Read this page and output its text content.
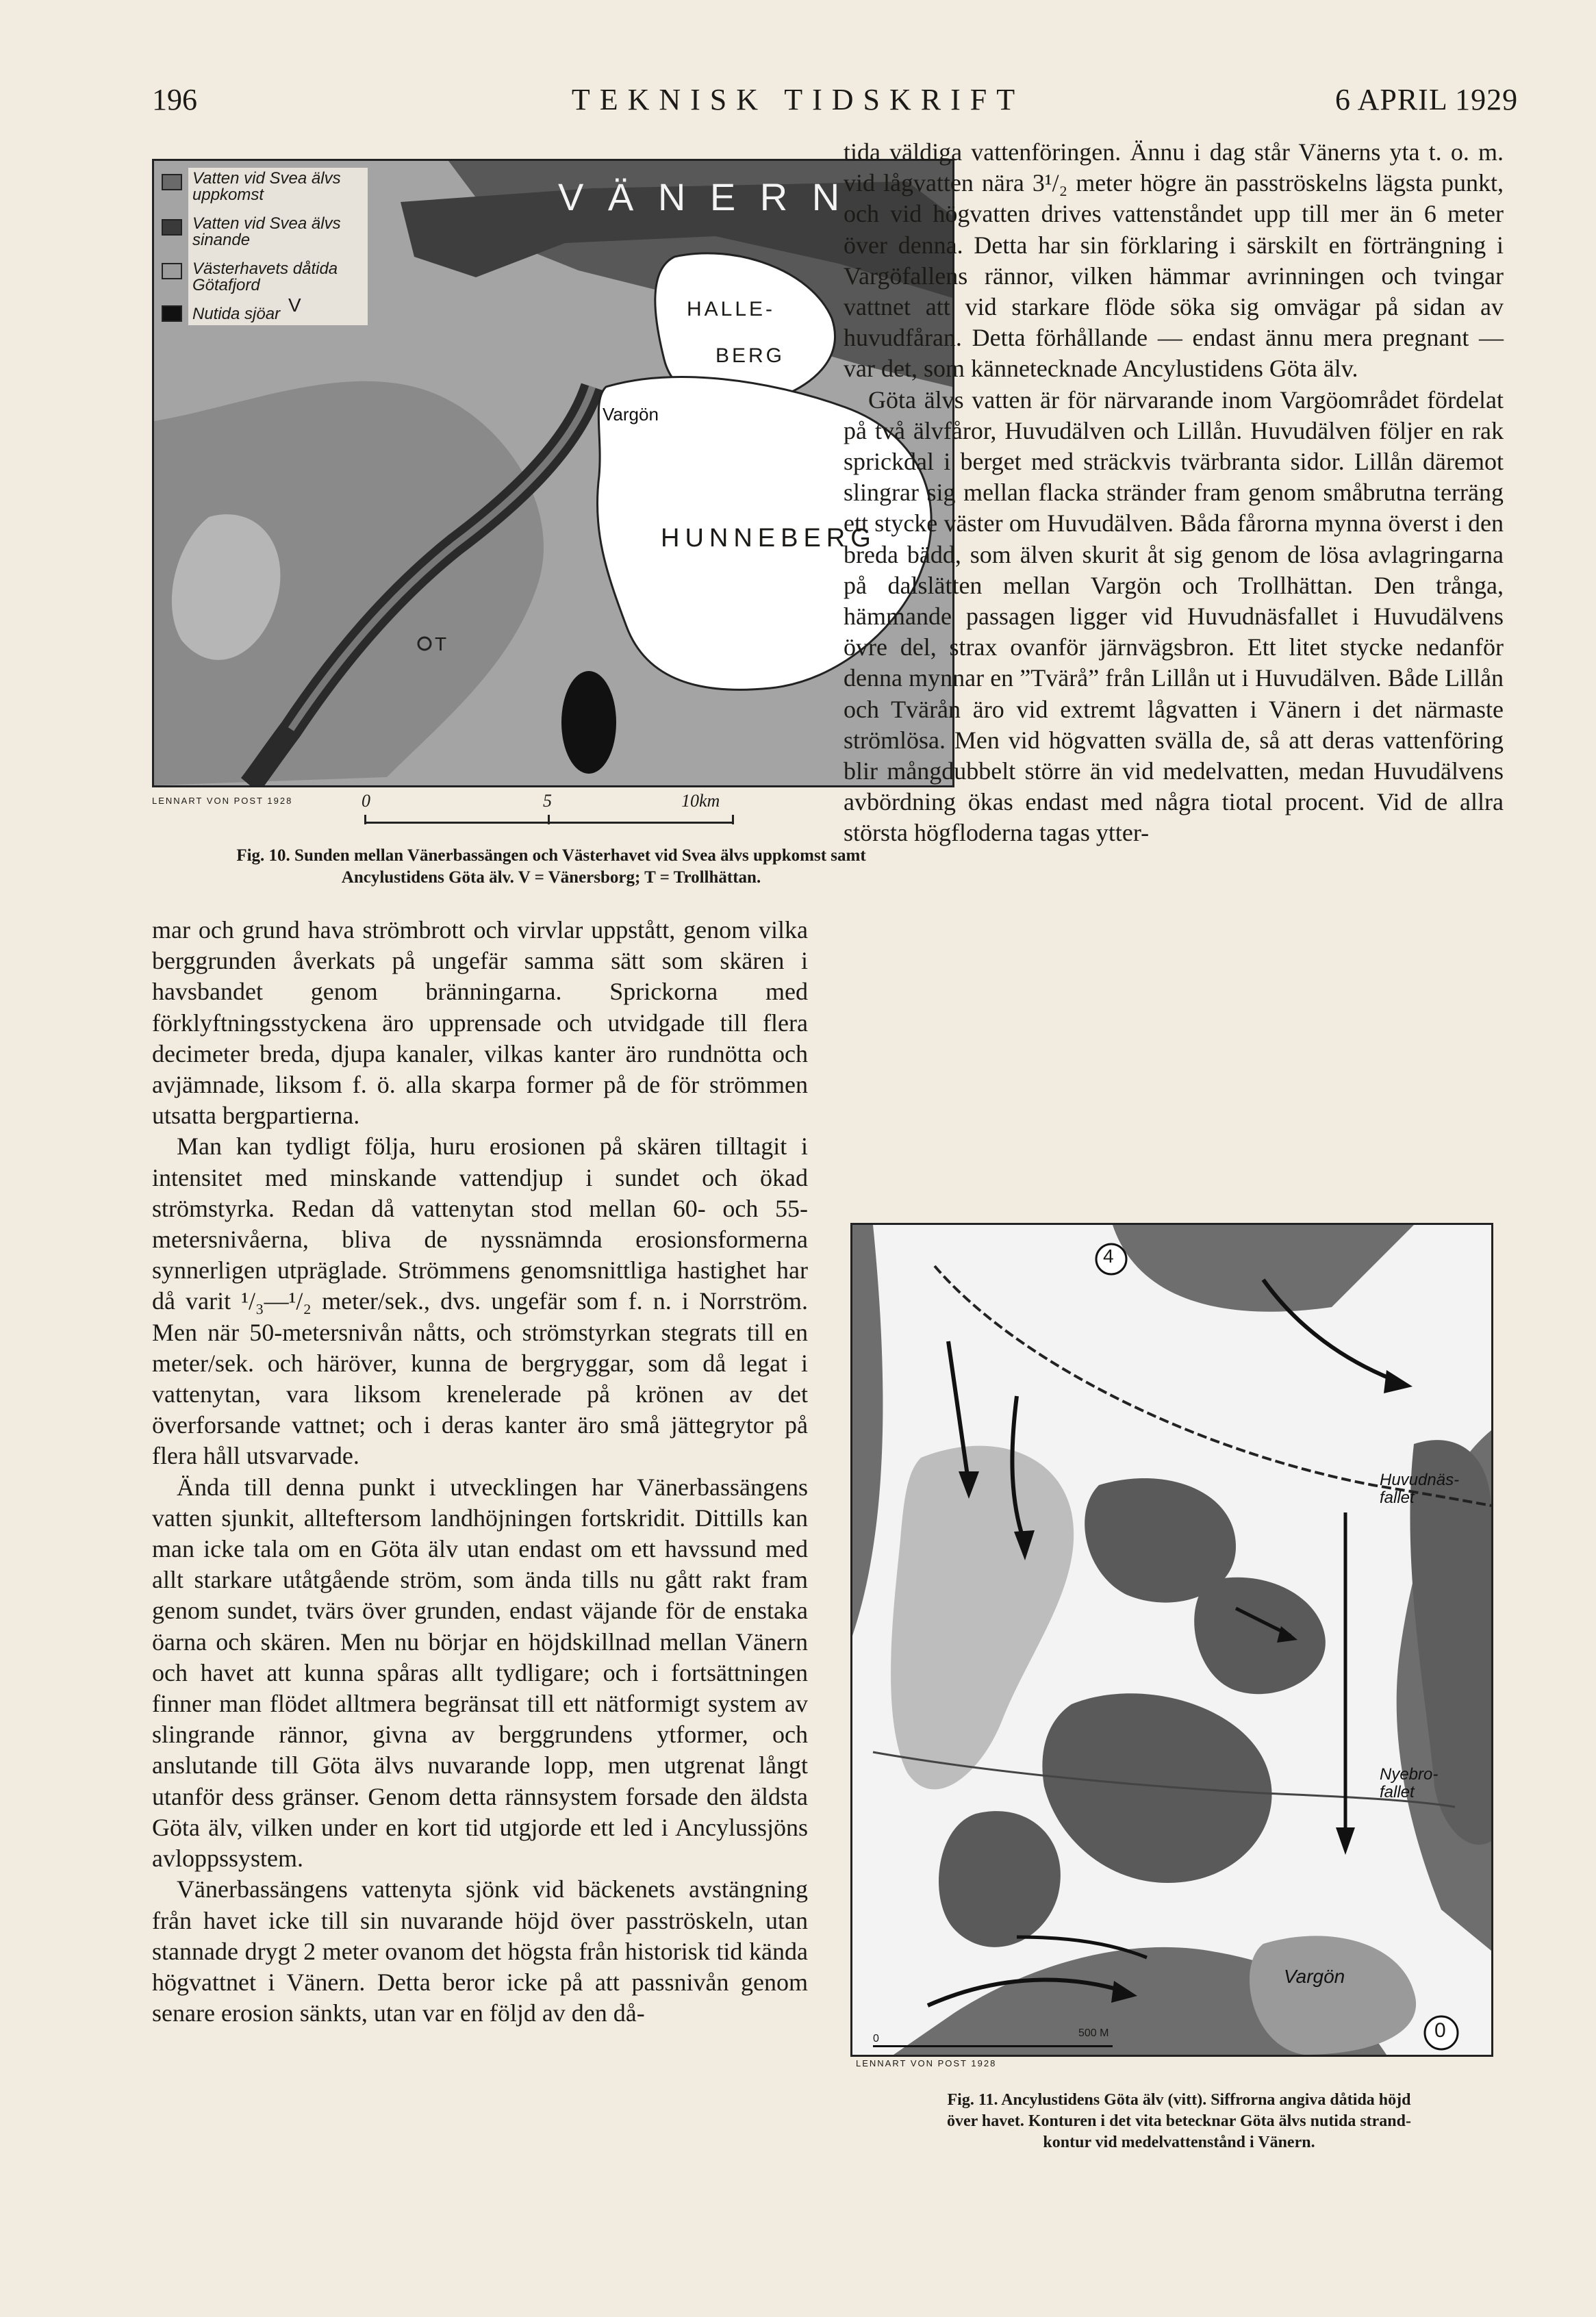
196	TEKNISK TIDSKRIFT	6 APRIL 1929
Vatten vid Svea älvs uppkomst
Vatten vid Svea älvs sinande
Västerhavets dåtida Götafjord
Nutida sjöar
V Ä N E R N
HALLE-
BERG
HUNNEBERG
Vargön
V
T
LENNART VON POST 1928	0	5	10km
Fig. 10. Sunden mellan Vänerbassängen och Västerhavet vid Svea älvs uppkomst samt
Ancylustidens Göta älv. V = Vänersborg; T = Trollhättan.

mar och grund hava strömbrott och virvlar uppstått, genom vilka berggrunden åverkats på ungefär samma sätt som skären i havsbandet genom bränningarna. Sprickorna med förklyftningsstyckena äro upprensade och utvidgade till flera decimeter breda, djupa kanaler, vilkas kanter äro rundnötta och avjämnade, liksom f. ö. alla skarpa former på de för strömmen utsatta bergpartierna.

Man kan tydligt följa, huru erosionen på skären tilltagit i intensitet med minskande vattendjup i sundet och ökad strömstyrka. Redan då vattenytan stod mellan 60- och 55-metersnivåerna, bliva de nyssnämnda erosionsformerna synnerligen utpräglade. Strömmens genomsnittliga hastighet har då varit ¹/₃—¹/₂ meter/sek., dvs. ungefär som f. n. i Norrström. Men när 50-metersnivån nåtts, och strömstyrkan stegrats till en meter/sek. och häröver, kunna de bergryggar, som då legat i vattenytan, vara liksom krenelerade på krönen av det överforsande vattnet; och i deras kanter äro små jättegrytor på flera håll utsvarvade.

Ända till denna punkt i utvecklingen har Vänerbassängens vatten sjunkit, allteftersom landhöjningen fortskridit. Dittills kan man icke tala om en Göta älv utan endast om ett havssund med allt starkare utåtgående ström, som ända tills nu gått rakt fram genom sundet, tvärs över grunden, endast väjande för de enstaka öarna och skären. Men nu börjar en höjdskillnad mellan Vänern och havet att kunna spåras allt tydligare; och i fortsättningen finner man flödet alltmera begränsat till ett nätformigt system av slingrande rännor, givna av berggrundens ytformer, och anslutande till Göta älvs nuvarande lopp, men utgrenat långt utanför dess gränser. Genom detta rännsystem forsade den äldsta Göta älv, vilken under en kort tid utgjorde ett led i Ancylussjöns avloppssystem.

Vänerbassängens vattenyta sjönk vid bäckenets avstängning från havet icke till sin nuvarande höjd över pasströskeln, utan stannade drygt 2 meter ovanom det högsta från historisk tid kända högvattnet i Vänern. Detta beror icke på att passnivån genom senare erosion sänkts, utan var en följd av den då-

tida väldiga vattenföringen. Ännu i dag står Vänerns yta t. o. m. vid lågvatten nära 3¹/₂ meter högre än pasströskelns lägsta punkt, och vid högvatten drives vattenståndet upp till mer än 6 meter över denna. Detta har sin förklaring i särskilt en förträngning i Vargöfallens rännor, vilken hämmar avrinningen och tvingar vattnet att vid starkare flöde söka sig omvägar på sidan av huvudfåran. Detta förhållande — endast ännu mera pregnant — var det, som kännetecknade Ancylustidens Göta älv.

Göta älvs vatten är för närvarande inom Vargöområdet fördelat på två älvfåror, Huvudälven och Lillån. Huvudälven följer en rak sprickdal i berget med sträckvis tvärbranta sidor. Lillån däremot slingrar sig mellan flacka stränder fram genom småbrutna terräng ett stycke väster om Huvudälven. Båda fårorna mynna överst i den breda bädd, som älven skurit åt sig genom de lösa avlagringarna på dalslätten mellan Vargön och Trollhättan. Den trånga, hämmande passagen ligger vid Huvudnäsfallet i Huvudälvens övre del, strax ovanför järnvägsbron. Ett litet stycke nedanför denna mynnar en ”Tvärå” från Lillån ut i Huvudälven. Både Lillån och Tvärån äro vid extremt lågvatten i Vänern i det närmaste strömlösa. Men vid högvatten svälla de, så att deras vattenföring blir mångdubbelt större än vid medelvatten, medan Huvudälvens avbördning ökas endast med några tiotal procent. Vid de allra största högfloderna tagas ytter-

4
0
Huvudnäs-
fallet
Nyebro-
fallet
Vargön
0	500 M
LENNART VON POST 1928
Fig. 11. Ancylustidens Göta älv (vitt). Siffrorna angiva dåtida höjd
över havet. Konturen i det vita betecknar Göta älvs nutida strand-
kontur vid medelvattenstånd i Vänern.
